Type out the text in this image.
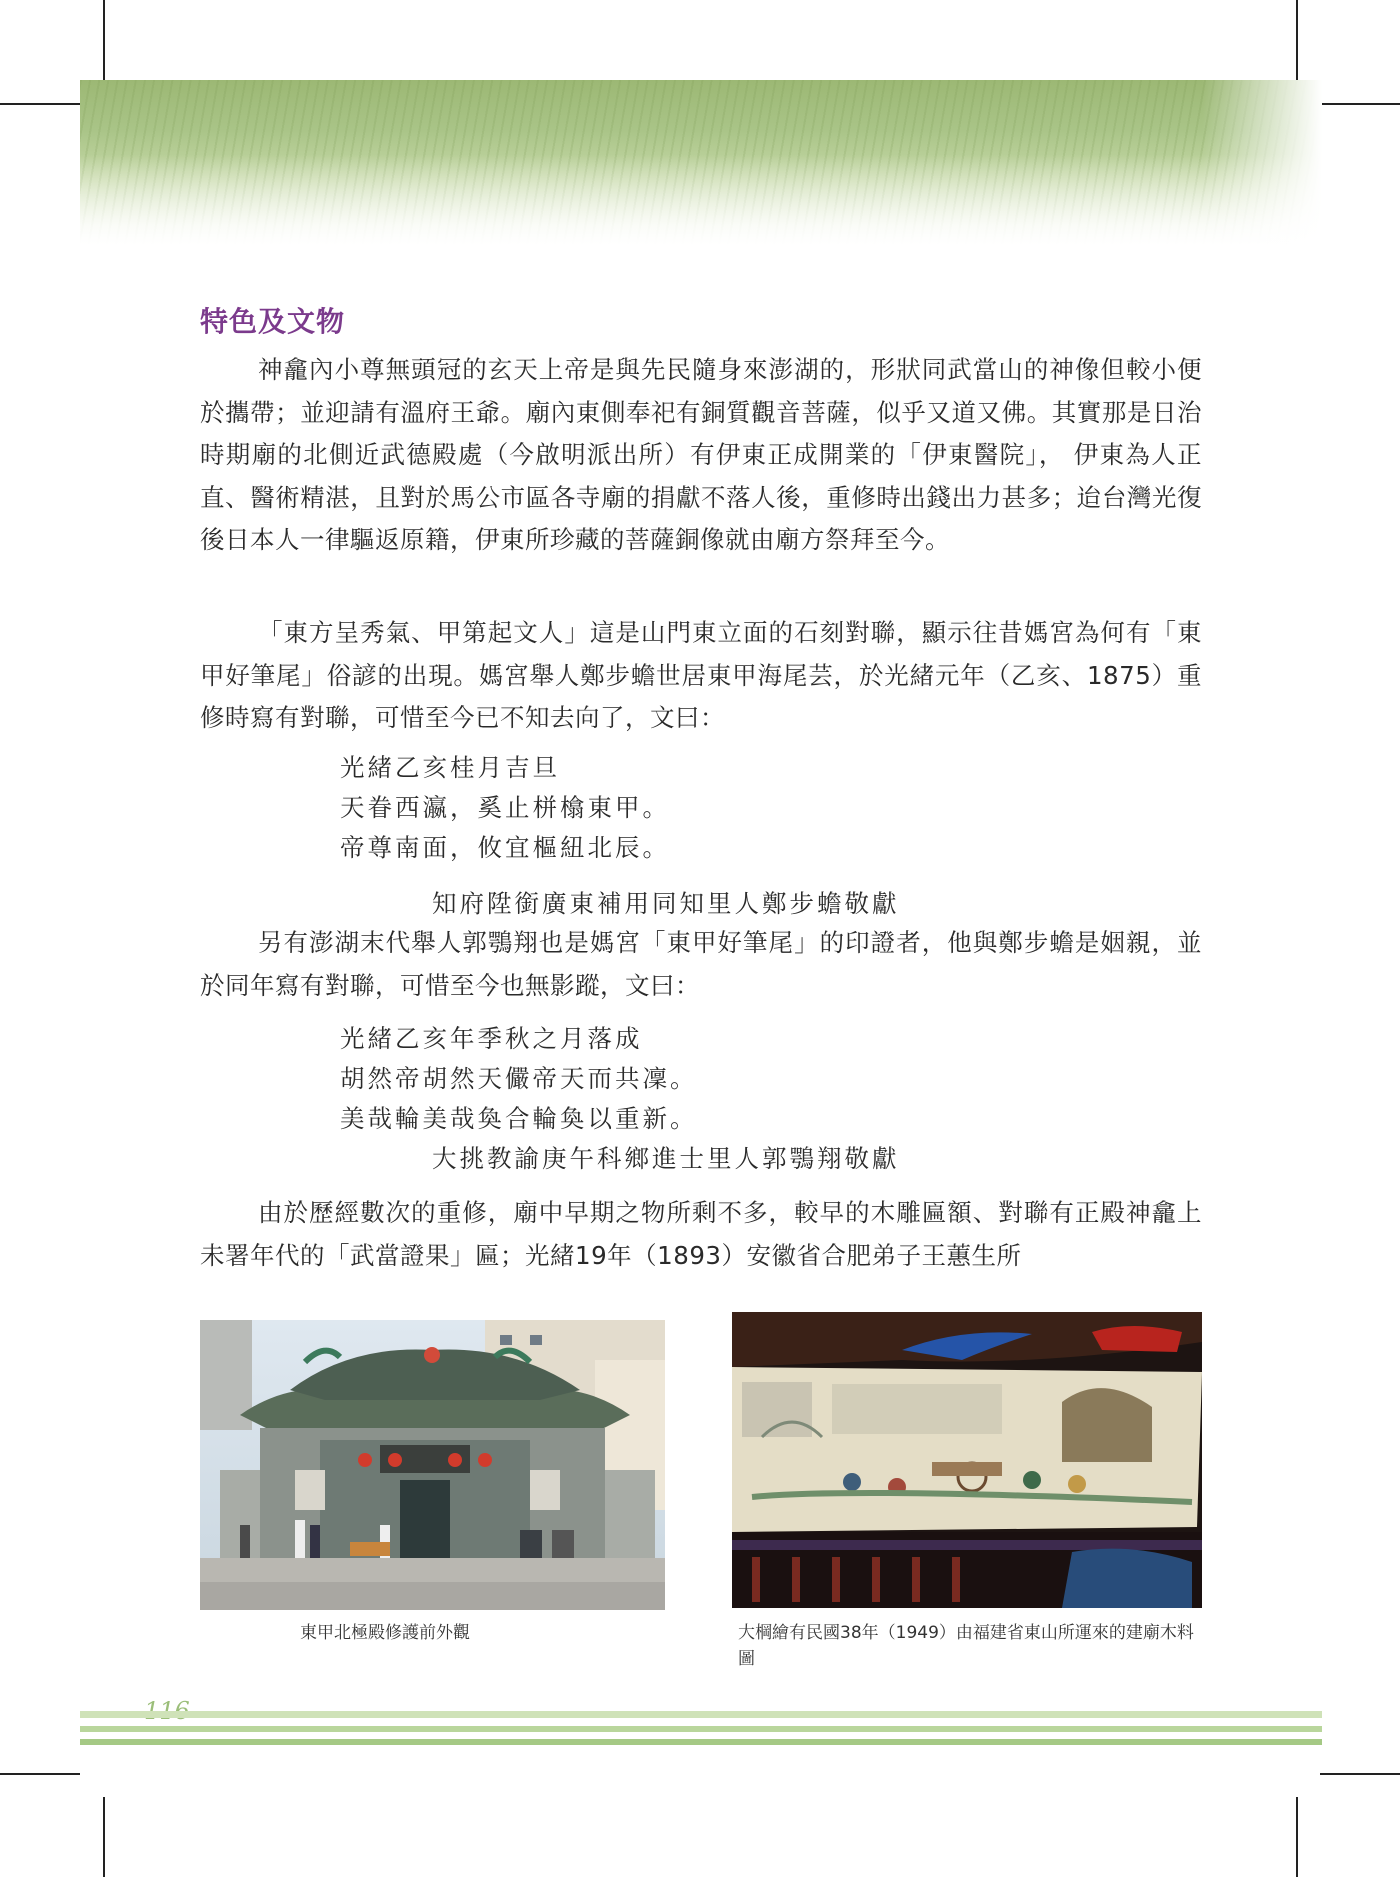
特色及文物

神龕內小尊無頭冠的玄天上帝是與先民隨身來澎湖的，形狀同武當山的神像但較小便於攜帶；並迎請有溫府王爺。廟內東側奉祀有銅質觀音菩薩，似乎又道又佛。其實那是日治時期廟的北側近武德殿處（今啟明派出所）有伊東正成開業的「伊東醫院」， 伊東為人正直、醫術精湛，且對於馬公市區各寺廟的捐獻不落人後，重修時出錢出力甚多；迨台灣光復後日本人一律驅返原籍，伊東所珍藏的菩薩銅像就由廟方祭拜至今。

「東方呈秀氣、甲第起文人」這是山門東立面的石刻對聯，顯示往昔媽宮為何有「東甲好筆尾」俗諺的出現。媽宮舉人鄭步蟾世居東甲海尾芸，於光緒元年（乙亥、1875）重修時寫有對聯，可惜至今已不知去向了，文曰：

光緒乙亥桂月吉旦
天眷西瀛，奚止栟㯓東甲。
帝尊南面，攸宜樞紐北辰。
知府陞銜廣東補用同知里人鄭步蟾敬獻

另有澎湖末代舉人郭鶚翔也是媽宮「東甲好筆尾」的印證者，他與鄭步蟾是姻親，並於同年寫有對聯，可惜至今也無影蹤，文曰：

光緒乙亥年季秋之月落成
胡然帝胡然天儼帝天而共凜。
美哉輪美哉奐合輪奐以重新。
大挑教諭庚午科鄉進士里人郭鶚翔敬獻

由於歷經數次的重修，廟中早期之物所剩不多，較早的木雕匾額、對聯有正殿神龕上未署年代的「武當證果」匾；光緒19年（1893）安徽省合肥弟子王蕙生所

東甲北極殿修護前外觀	大棡繪有民國38年（1949）由福建省東山所運來的建廟木料圖
